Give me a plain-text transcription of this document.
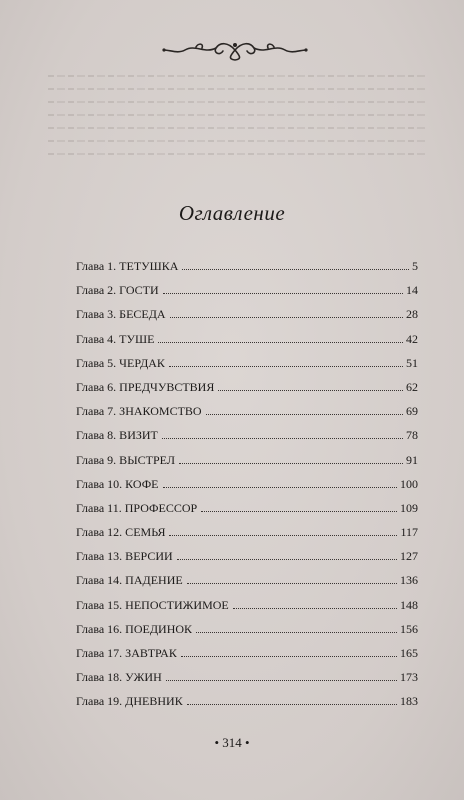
Оглавление
Глава 1. ТЕТУШКА	5
Глава 2. ГОСТИ	14
Глава 3. БЕСЕДА	28
Глава 4. ТУШЕ	42
Глава 5. ЧЕРДАК	51
Глава 6. ПРЕДЧУВСТВИЯ	62
Глава 7. ЗНАКОМСТВО	69
Глава 8. ВИЗИТ	78
Глава 9. ВЫСТРЕЛ	91
Глава 10. КОФЕ	100
Глава 11. ПРОФЕССОР	109
Глава 12. СЕМЬЯ	117
Глава 13. ВЕРСИИ	127
Глава 14. ПАДЕНИЕ	136
Глава 15. НЕПОСТИЖИМОЕ	148
Глава 16. ПОЕДИНОК	156
Глава 17. ЗАВТРАК	165
Глава 18. УЖИН	173
Глава 19. ДНЕВНИК	183
• 314 •
